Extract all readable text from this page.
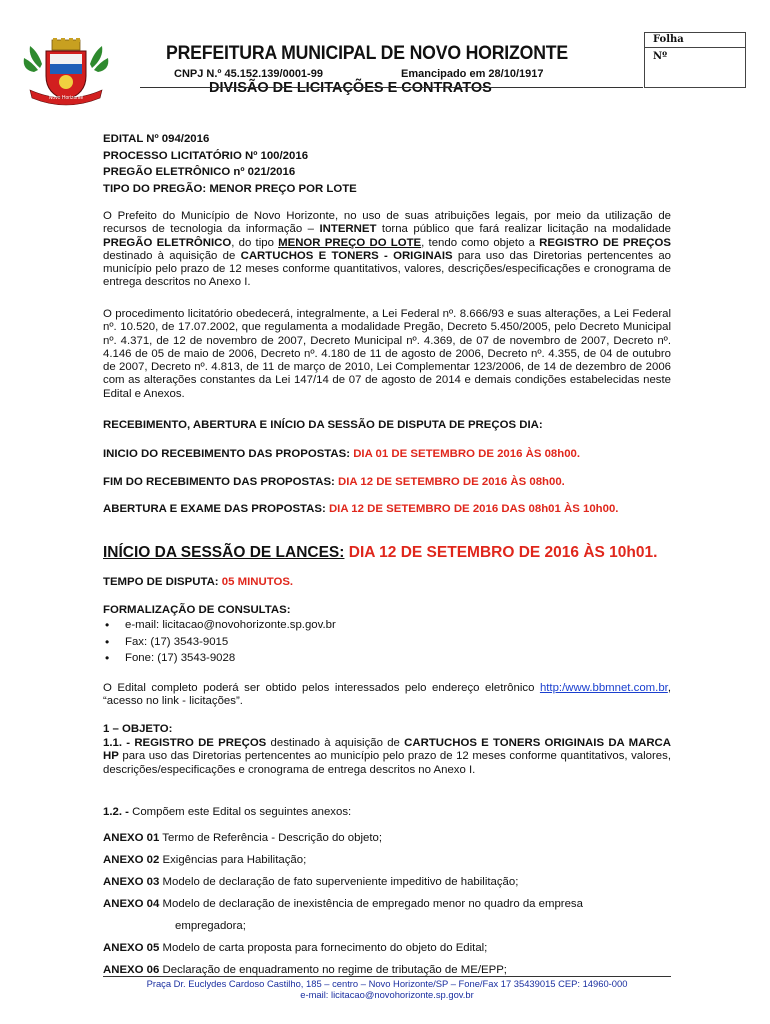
Novo Horizonte
PREFEITURA MUNICIPAL DE NOVO HORIZONTE
CNPJ N.º 45.152.139/0001-99	Emancipado em 28/10/1917
DIVISÃO DE LICITAÇÕES E CONTRATOS
Folha
Nº
EDITAL Nº 094/2016
PROCESSO LICITATÓRIO Nº 100/2016
PREGÃO ELETRÔNICO nº 021/2016
TIPO DO PREGÃO: MENOR PREÇO POR LOTE

O Prefeito do Município de Novo Horizonte, no uso de suas atribuições legais, por meio da utilização de recursos de tecnologia da informação – INTERNET torna público que fará realizar licitação na modalidade PREGÃO ELETRÔNICO, do tipo MENOR PREÇO DO LOTE, tendo como objeto a REGISTRO DE PREÇOS destinado à aquisição de CARTUCHOS E TONERS - ORIGINAIS para uso das Diretorias pertencentes ao município pelo prazo de 12 meses conforme quantitativos, valores, descrições/especificações e cronograma de entrega descritos no Anexo I.

O procedimento licitatório obedecerá, integralmente, a Lei Federal nº. 8.666/93 e suas alterações, a Lei Federal nº. 10.520, de 17.07.2002, que regulamenta a modalidade Pregão, Decreto 5.450/2005, pelo Decreto Municipal nº. 4.371, de 12 de novembro de 2007, Decreto Municipal nº. 4.369, de 07 de novembro de 2007, Decreto nº. 4.146 de 05 de maio de 2006, Decreto nº. 4.180 de 11 de agosto de 2006, Decreto nº. 4.355, de 04 de outubro de 2007, Decreto nº. 4.813, de 11 de março de 2010, Lei Complementar 123/2006, de 14 de dezembro de 2006 com as alterações constantes da Lei 147/14 de 07 de agosto de 2014 e demais condições estabelecidas neste Edital e Anexos.

RECEBIMENTO, ABERTURA E INÍCIO DA SESSÃO DE DISPUTA DE PREÇOS DIA:

INICIO DO RECEBIMENTO DAS PROPOSTAS: DIA 01 DE SETEMBRO DE 2016 ÀS 08h00.

FIM DO RECEBIMENTO DAS PROPOSTAS: DIA 12 DE SETEMBRO DE 2016 ÀS 08h00.

ABERTURA E EXAME DAS PROPOSTAS: DIA 12 DE SETEMBRO DE 2016 DAS 08h01 ÀS 10h00.

INÍCIO DA SESSÃO DE LANCES: DIA 12 DE SETEMBRO DE 2016 ÀS 10h01.

TEMPO DE DISPUTA: 05 MINUTOS.

FORMALIZAÇÃO DE CONSULTAS:

• e-mail: licitacao@novohorizonte.sp.gov.br
• Fax: (17) 3543-9015
• Fone: (17) 3543-9028

O Edital completo poderá ser obtido pelos interessados pelo endereço eletrônico http:/www.bbmnet.com.br, “acesso no link - licitações”.

1 – OBJETO:

1.1. - REGISTRO DE PREÇOS destinado à aquisição de CARTUCHOS E TONERS ORIGINAIS DA MARCA HP para uso das Diretorias pertencentes ao município pelo prazo de 12 meses conforme quantitativos, valores, descrições/especificações e cronograma de entrega descritos no Anexo I.

1.2. - Compõem este Edital os seguintes anexos:

ANEXO 01 Termo de Referência - Descrição do objeto;
ANEXO 02 Exigências para Habilitação;
ANEXO 03 Modelo de declaração de fato superveniente impeditivo de habilitação;
ANEXO 04 Modelo de declaração de inexistência de empregado menor no quadro da empresa
empregadora;
ANEXO 05 Modelo de carta proposta para fornecimento do objeto do Edital;
ANEXO 06 Declaração de enquadramento no regime de tributação de ME/EPP;
Praça Dr. Euclydes Cardoso Castilho, 185 – centro – Novo Horizonte/SP – Fone/Fax 17 35439015 CEP: 14960-000
e-mail: licitacao@novohorizonte.sp.gov.br
